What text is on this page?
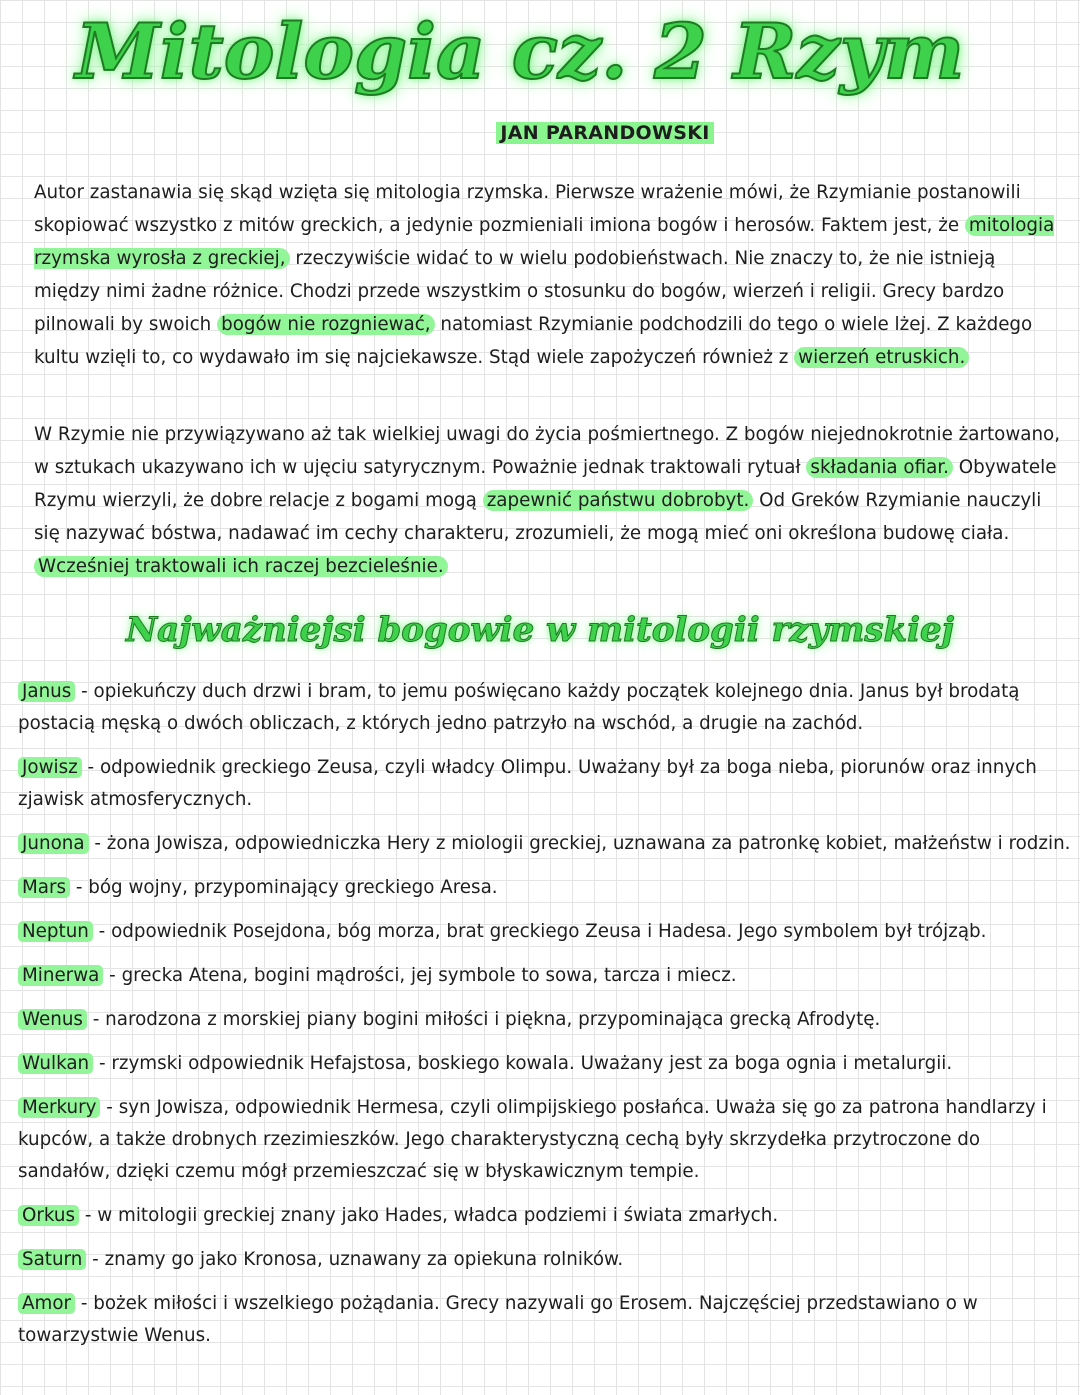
Mitologia cz. 2 Rzym
JAN PARANDOWSKI

Autor zastanawia się skąd wzięta się mitologia rzymska. Pierwsze wrażenie mówi, że Rzymianie postanowili skopiować wszystko z mitów greckich, a jedynie pozmieniali imiona bogów i herosów. Faktem jest, że mitologia rzymska wyrosła z greckiej, rzeczywiście widać to w wielu podobieństwach. Nie znaczy to, że nie istnieją między nimi żadne różnice. Chodzi przede wszystkim o stosunku do bogów, wierzeń i religii. Grecy bardzo pilnowali by swoich bogów nie rozgniewać, natomiast Rzymianie podchodzili do tego o wiele lżej. Z każdego kultu wzięli to, co wydawało im się najciekawsze. Stąd wiele zapożyczeń również z wierzeń etruskich.

W Rzymie nie przywiązywano aż tak wielkiej uwagi do życia pośmiertnego. Z bogów niejednokrotnie żartowano, w sztukach ukazywano ich w ujęciu satyrycznym. Poważnie jednak traktowali rytuał składania ofiar. Obywatele Rzymu wierzyli, że dobre relacje z bogami mogą zapewnić państwu dobrobyt. Od Greków Rzymianie nauczyli się nazywać bóstwa, nadawać im cechy charakteru, zrozumieli, że mogą mieć oni określona budowę ciała. Wcześniej traktowali ich raczej bezcieleśnie.

Najważniejsi bogowie w mitologii rzymskiej

Janus - opiekuńczy duch drzwi i bram, to jemu poświęcano każdy początek kolejnego dnia. Janus był brodatą postacią męską o dwóch obliczach, z których jedno patrzyło na wschód, a drugie na zachód.

Jowisz - odpowiednik greckiego Zeusa, czyli władcy Olimpu. Uważany był za boga nieba, piorunów oraz innych zjawisk atmosferycznych.

Junona - żona Jowisza, odpowiedniczka Hery z miologii greckiej, uznawana za patronkę kobiet, małżeństw i rodzin.

Mars - bóg wojny, przypominający greckiego Aresa.

Neptun - odpowiednik Posejdona, bóg morza, brat greckiego Zeusa i Hadesa. Jego symbolem był trójząb.

Minerwa - grecka Atena, bogini mądrości, jej symbole to sowa, tarcza i miecz.

Wenus - narodzona z morskiej piany bogini miłości i piękna, przypominająca grecką Afrodytę.

Wulkan - rzymski odpowiednik Hefajstosa, boskiego kowala. Uważany jest za boga ognia i metalurgii.

Merkury - syn Jowisza, odpowiednik Hermesa, czyli olimpijskiego posłańca. Uważa się go za patrona handlarzy i kupców, a także drobnych rzezimieszków. Jego charakterystyczną cechą były skrzydełka przytroczone do sandałów, dzięki czemu mógł przemieszczać się w błyskawicznym tempie.

Orkus - w mitologii greckiej znany jako Hades, władca podziemi i świata zmarłych.

Saturn - znamy go jako Kronosa, uznawany za opiekuna rolników.

Amor - bożek miłości i wszelkiego pożądania. Grecy nazywali go Erosem. Najczęściej przedstawiano o w towarzystwie Wenus.
